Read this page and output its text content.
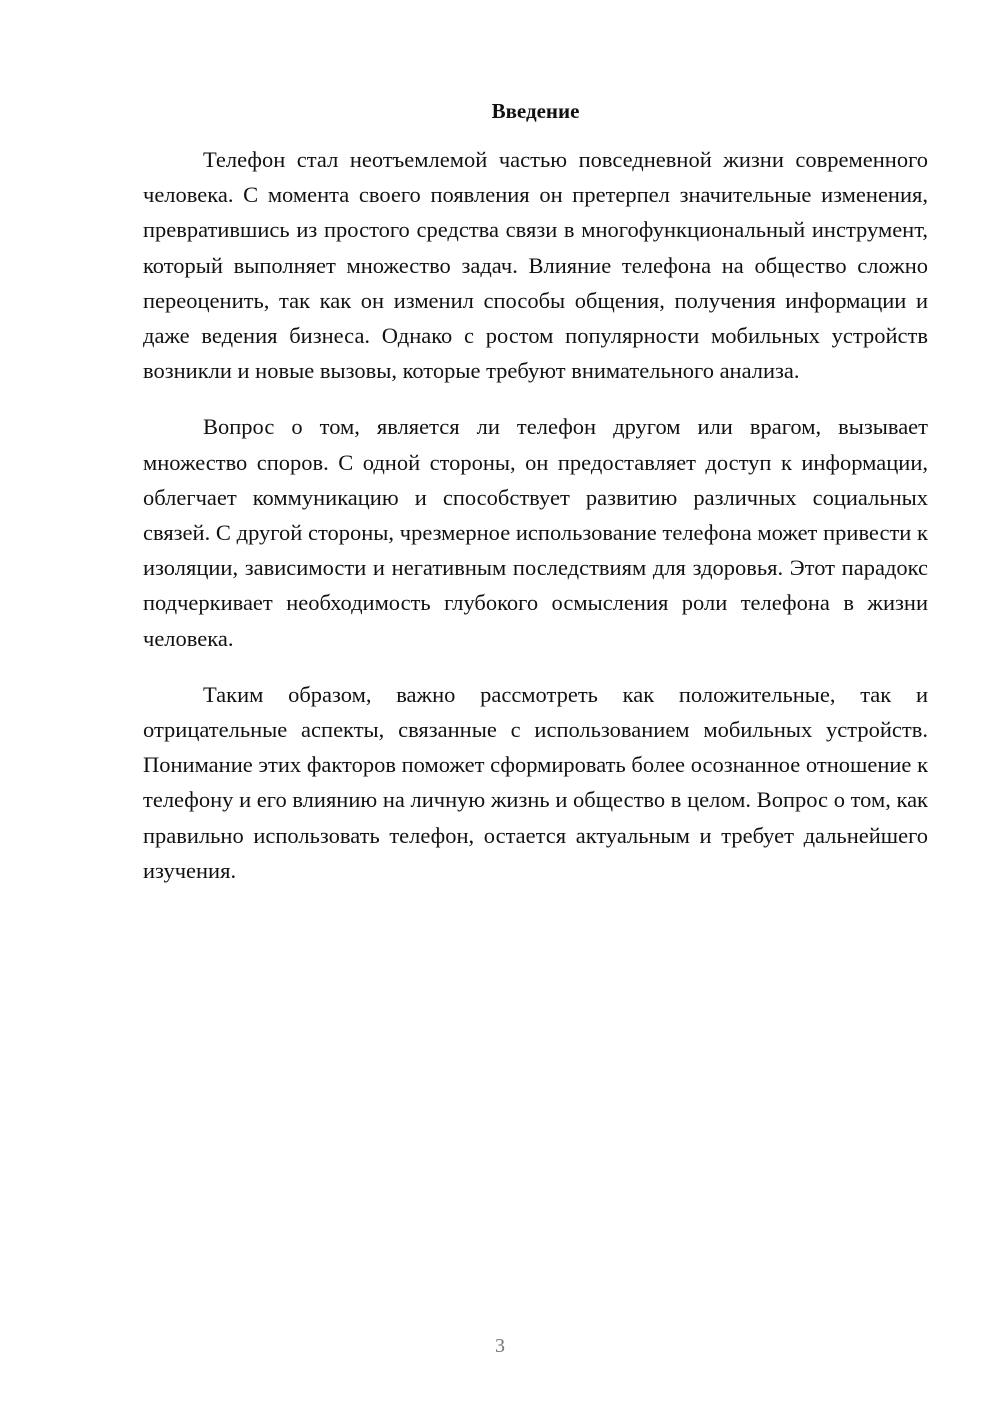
Введение

Телефон стал неотъемлемой частью повседневной жизни современного человека. С момента своего появления он претерпел значительные изменения, превратившись из простого средства связи в многофункциональный инструмент, который выполняет множество задач. Влияние телефона на общество сложно переоценить, так как он изменил способы общения, получения информации и даже ведения бизнеса. Однако с ростом популярности мобильных устройств возникли и новые вызовы, которые требуют внимательного анализа.

Вопрос о том, является ли телефон другом или врагом, вызывает множество споров. С одной стороны, он предоставляет доступ к информации, облегчает коммуникацию и способствует развитию различных социальных связей. С другой стороны, чрезмерное использование телефона может привести к изоляции, зависимости и негативным последствиям для здоровья. Этот парадокс подчеркивает необходимость глубокого осмысления роли телефона в жизни человека.

Таким образом, важно рассмотреть как положительные, так и отрицательные аспекты, связанные с использованием мобильных устройств. Понимание этих факторов поможет сформировать более осознанное отношение к телефону и его влиянию на личную жизнь и общество в целом. Вопрос о том, как правильно использовать телефон, остается актуальным и требует дальнейшего изучения.

3
